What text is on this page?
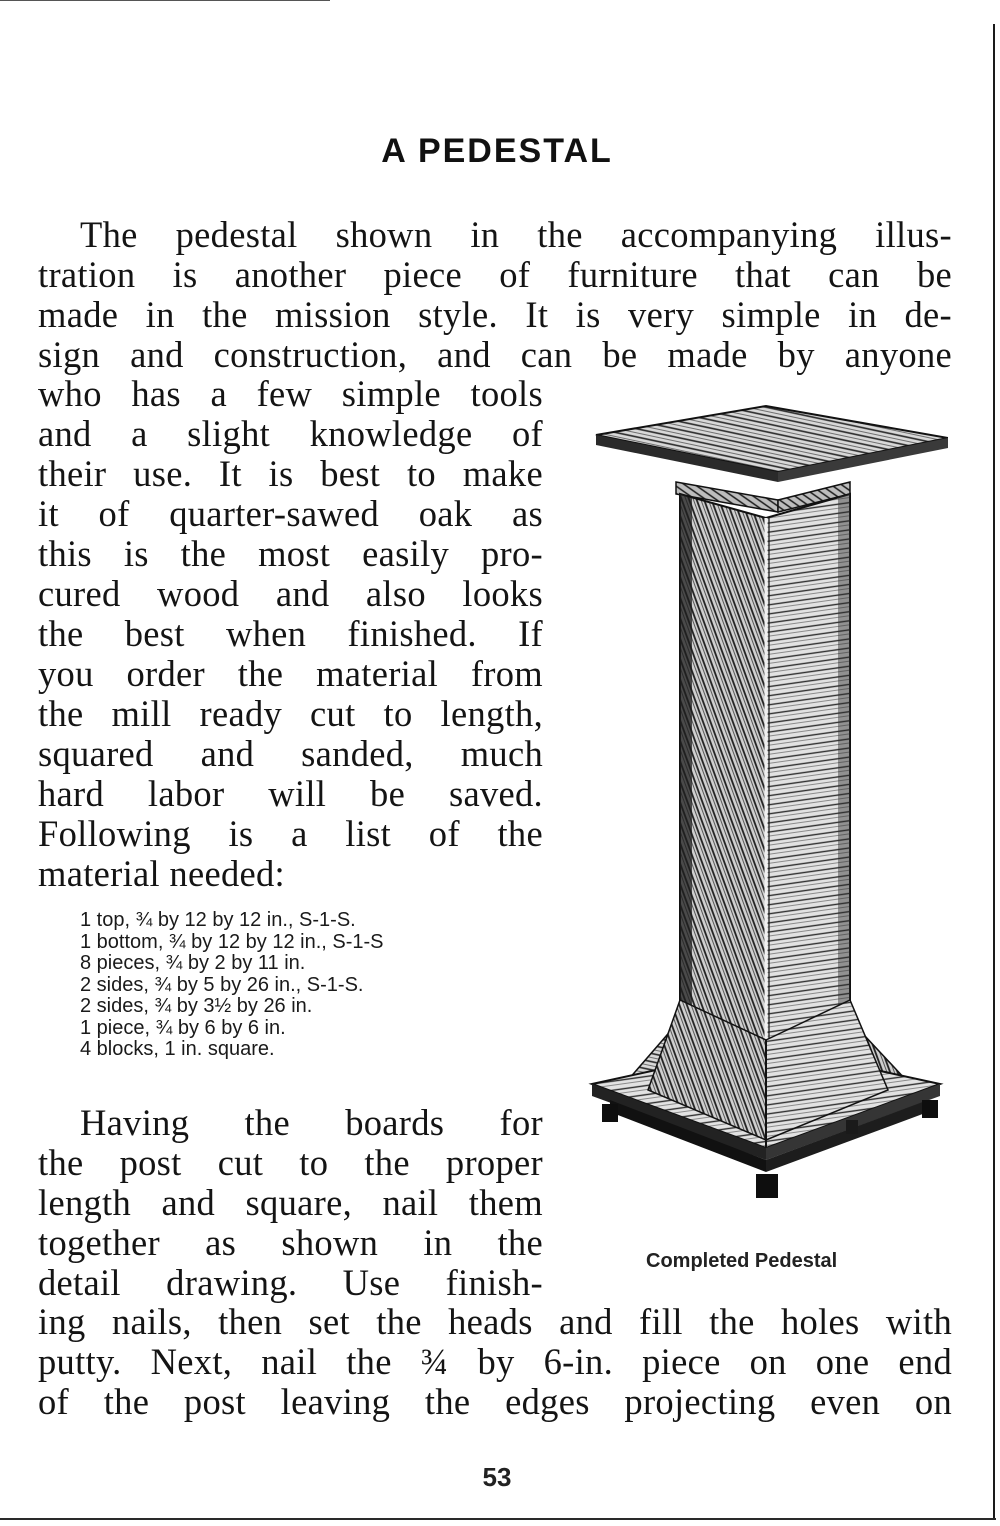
A PEDESTAL
The pedestal shown in the accompanying illus-
tration is another piece of furniture that can be
made in the mission style. It is very simple in de-
sign and construction, and can be made by anyone
who has a few simple tools
and a slight knowledge of
their use. It is best to make
it of quarter-sawed oak as
this is the most easily pro-
cured wood and also looks
the best when finished. If
you order the material from
the mill ready cut to length,
squared and sanded, much
hard labor will be saved.
Following is a list of the
material needed:
1 top, ¾ by 12 by 12 in., S-1-S.
1 bottom, ¾ by 12 by 12 in., S-1-S
8 pieces, ¾ by 2 by 11 in.
2 sides, ¾ by 5 by 26 in., S-1-S.
2 sides, ¾ by 3½ by 26 in.
1 piece, ¾ by 6 by 6 in.
4 blocks, 1 in. square.
Having the boards for
the post cut to the proper
length and square, nail them
together as shown in the
detail drawing. Use finish-
ing nails, then set the heads and fill the holes with
putty. Next, nail the ¾ by 6-in. piece on one end
of the post leaving the edges projecting even on
Completed Pedestal
53
